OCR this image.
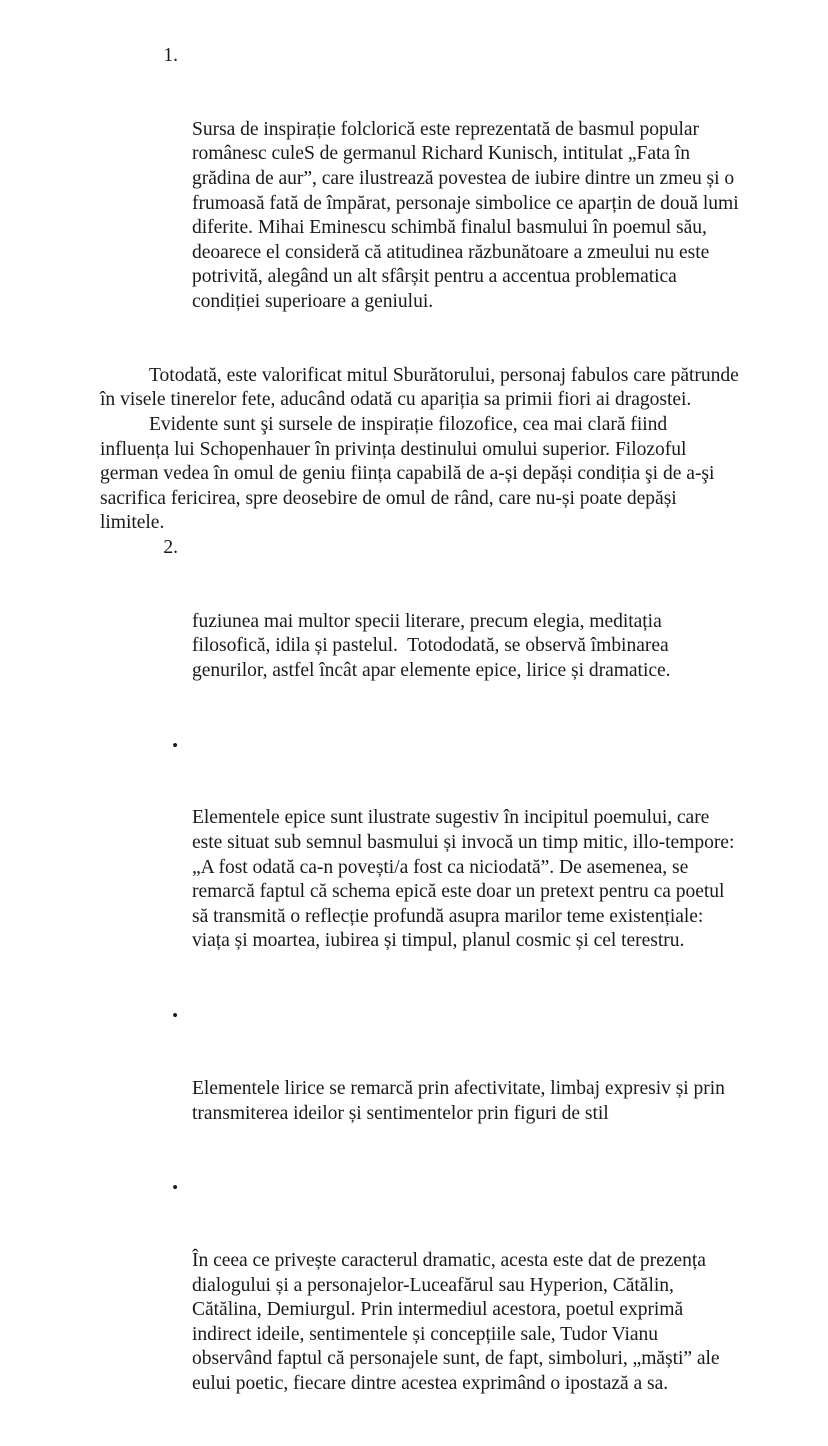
1.

Sursa de inspirație folclorică este reprezentată de basmul popular românesc culeS de germanul Richard Kunisch, intitulat „Fata în grădina de aur”, care ilustrează povestea de iubire dintre un zmeu și o frumoasă fată de împărat, personaje simbolice ce aparțin de două lumi diferite. Mihai Eminescu schimbă finalul basmului în poemul său, deoarece el consideră că atitudinea răzbunătoare a zmeului nu este potrivită, alegând un alt sfârșit pentru a accentua problematica condiției superioare a geniului.

Totodată, este valorificat mitul Sburătorului, personaj fabulos care pătrunde în visele tinerelor fete, aducând odată cu apariția sa primii fiori ai dragostei.

Evidente sunt şi sursele de inspirație filozofice, cea mai clară fiind influența lui Schopenhauer în privința destinului omului superior. Filozoful german vedea în omul de geniu ființa capabilă de a-și depăși condiția şi de a-şi sacrifica fericirea, spre deosebire de omul de rând, care nu-și poate depăși limitele.

2.

fuziunea mai multor specii literare, precum elegia, meditația filosofică, idila și pastelul.  Totododată, se observă îmbinarea genurilor, astfel încât apar elemente epice, lirice și dramatice.

•

Elementele epice sunt ilustrate sugestiv în incipitul poemului, care este situat sub semnul basmului și invocă un timp mitic, illo-tempore: „A fost odată ca-n povești/a fost ca niciodată”. De asemenea, se remarcă faptul că schema epică este doar un pretext pentru ca poetul să transmită o reflecție profundă asupra marilor teme existențiale: viața și moartea, iubirea și timpul, planul cosmic și cel terestru.

•

Elementele lirice se remarcă prin afectivitate, limbaj expresiv și prin transmiterea ideilor și sentimentelor prin figuri de stil

•

În ceea ce privește caracterul dramatic, acesta este dat de prezența dialogului și a personajelor-Luceafărul sau Hyperion, Cătălin, Cătălina, Demiurgul. Prin intermediul acestora, poetul exprimă indirect ideile, sentimentele și concepțiile sale, Tudor Vianu observând faptul că personajele sunt, de fapt, simboluri, „măști” ale eului poetic, fiecare dintre acestea exprimând o ipostază a sa.
